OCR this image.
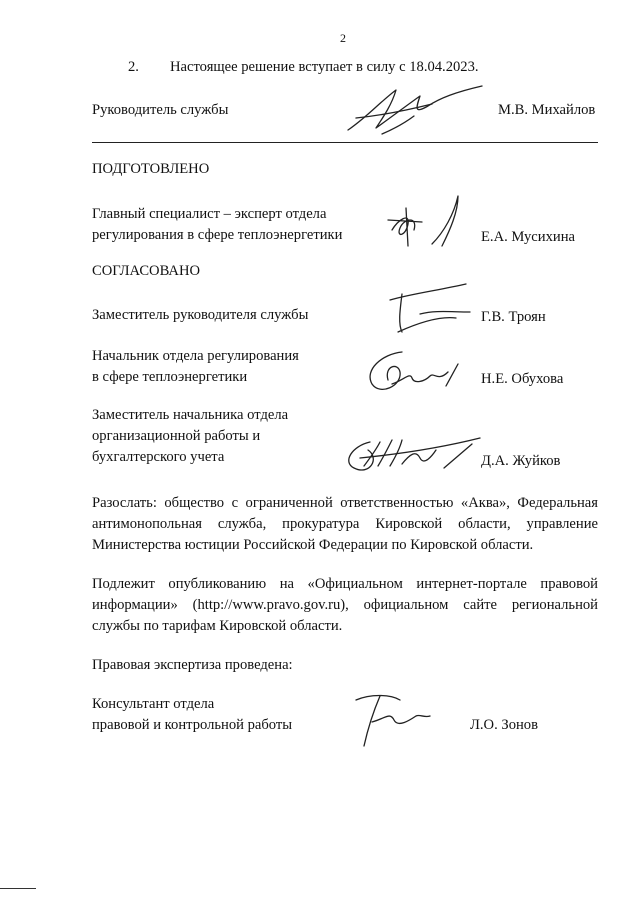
2
2. Настоящее решение вступает в силу с 18.04.2023.
Руководитель службы	М.В. Михайлов
ПОДГОТОВЛЕНО
Главный специалист – эксперт отдела
регулирования в сфере теплоэнергетики	Е.А. Мусихина
СОГЛАСОВАНО
Заместитель руководителя службы	Г.В. Троян
Начальник отдела регулирования
в сфере теплоэнергетики	Н.Е. Обухова
Заместитель начальника отдела
организационной работы и
бухгалтерского учета	Д.А. Жуйков
Разослать: общество с ограниченной ответственностью «Аква», Федеральная
антимонопольная служба, прокуратура Кировской области, управление
Министерства юстиции Российской Федерации по Кировской области.
Подлежит опубликованию на «Официальном интернет-портале правовой
информации» (http://www.pravo.gov.ru), официальном сайте региональной
службы по тарифам Кировской области.
Правовая экспертиза проведена:
Консультант отдела
правовой и контрольной работы	Л.О. Зонов
